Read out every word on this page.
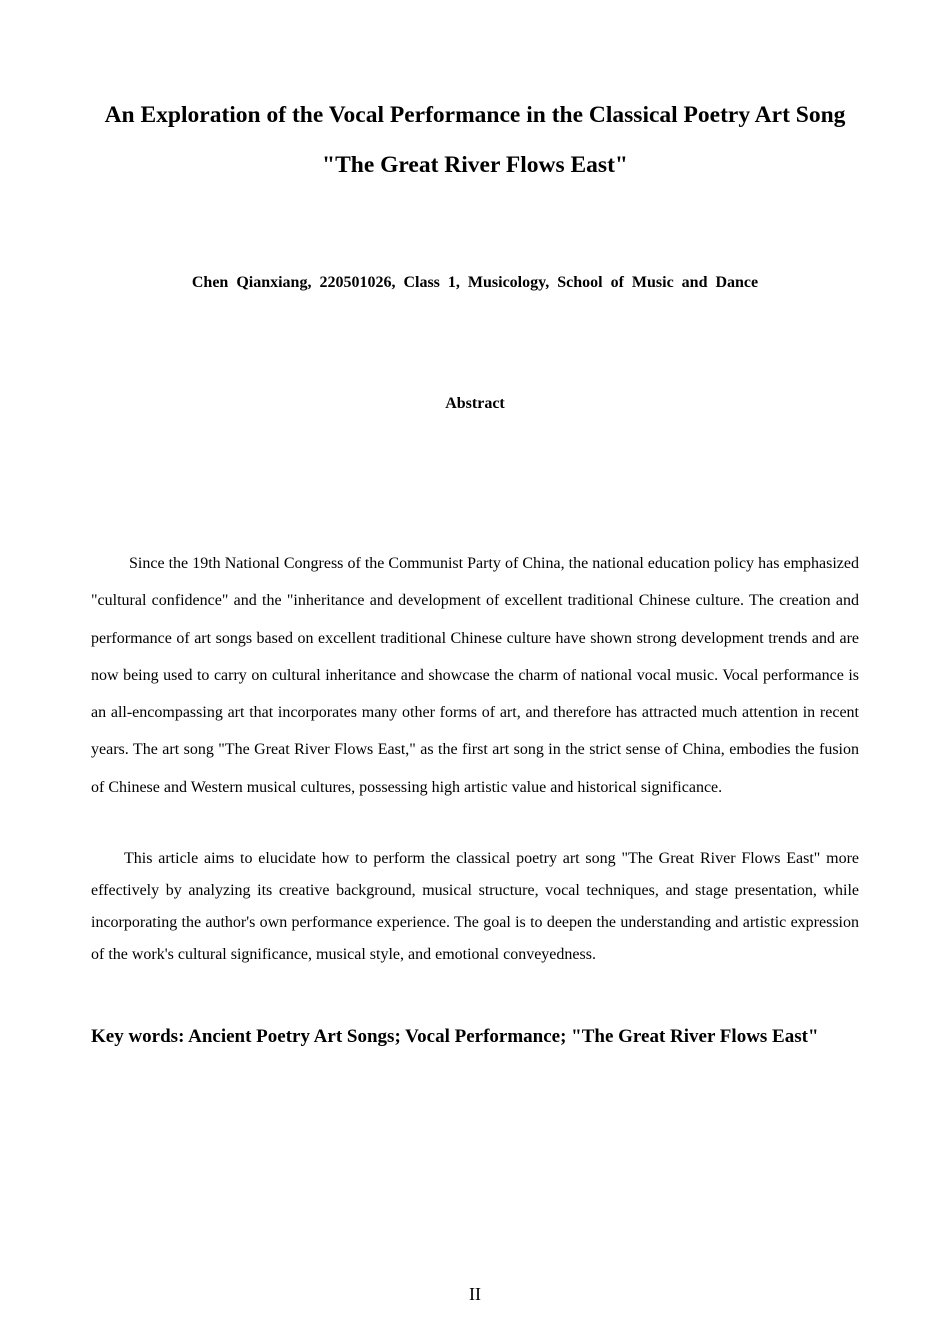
An Exploration of the Vocal Performance in the Classical Poetry Art Song
"The Great River Flows East"
Chen Qianxiang, 220501026, Class 1, Musicology, School of Music and Dance
Abstract

Since the 19th National Congress of the Communist Party of China, the national education policy has emphasized "cultural confidence" and the "inheritance and development of excellent traditional Chinese culture. The creation and performance of art songs based on excellent traditional Chinese culture have shown strong development trends and are now being used to carry on cultural inheritance and showcase the charm of national vocal music. Vocal performance is an all-encompassing art that incorporates many other forms of art, and therefore has attracted much attention in recent years. The art song "The Great River Flows East," as the first art song in the strict sense of China, embodies the fusion of Chinese and Western musical cultures, possessing high artistic value and historical significance.

This article aims to elucidate how to perform the classical poetry art song "The Great River Flows East" more effectively by analyzing its creative background, musical structure, vocal techniques, and stage presentation, while incorporating the author's own performance experience. The goal is to deepen the understanding and artistic expression of the work's cultural significance, musical style, and emotional conveyedness.

Key words: Ancient Poetry Art Songs; Vocal Performance; "The Great River Flows East"
II
